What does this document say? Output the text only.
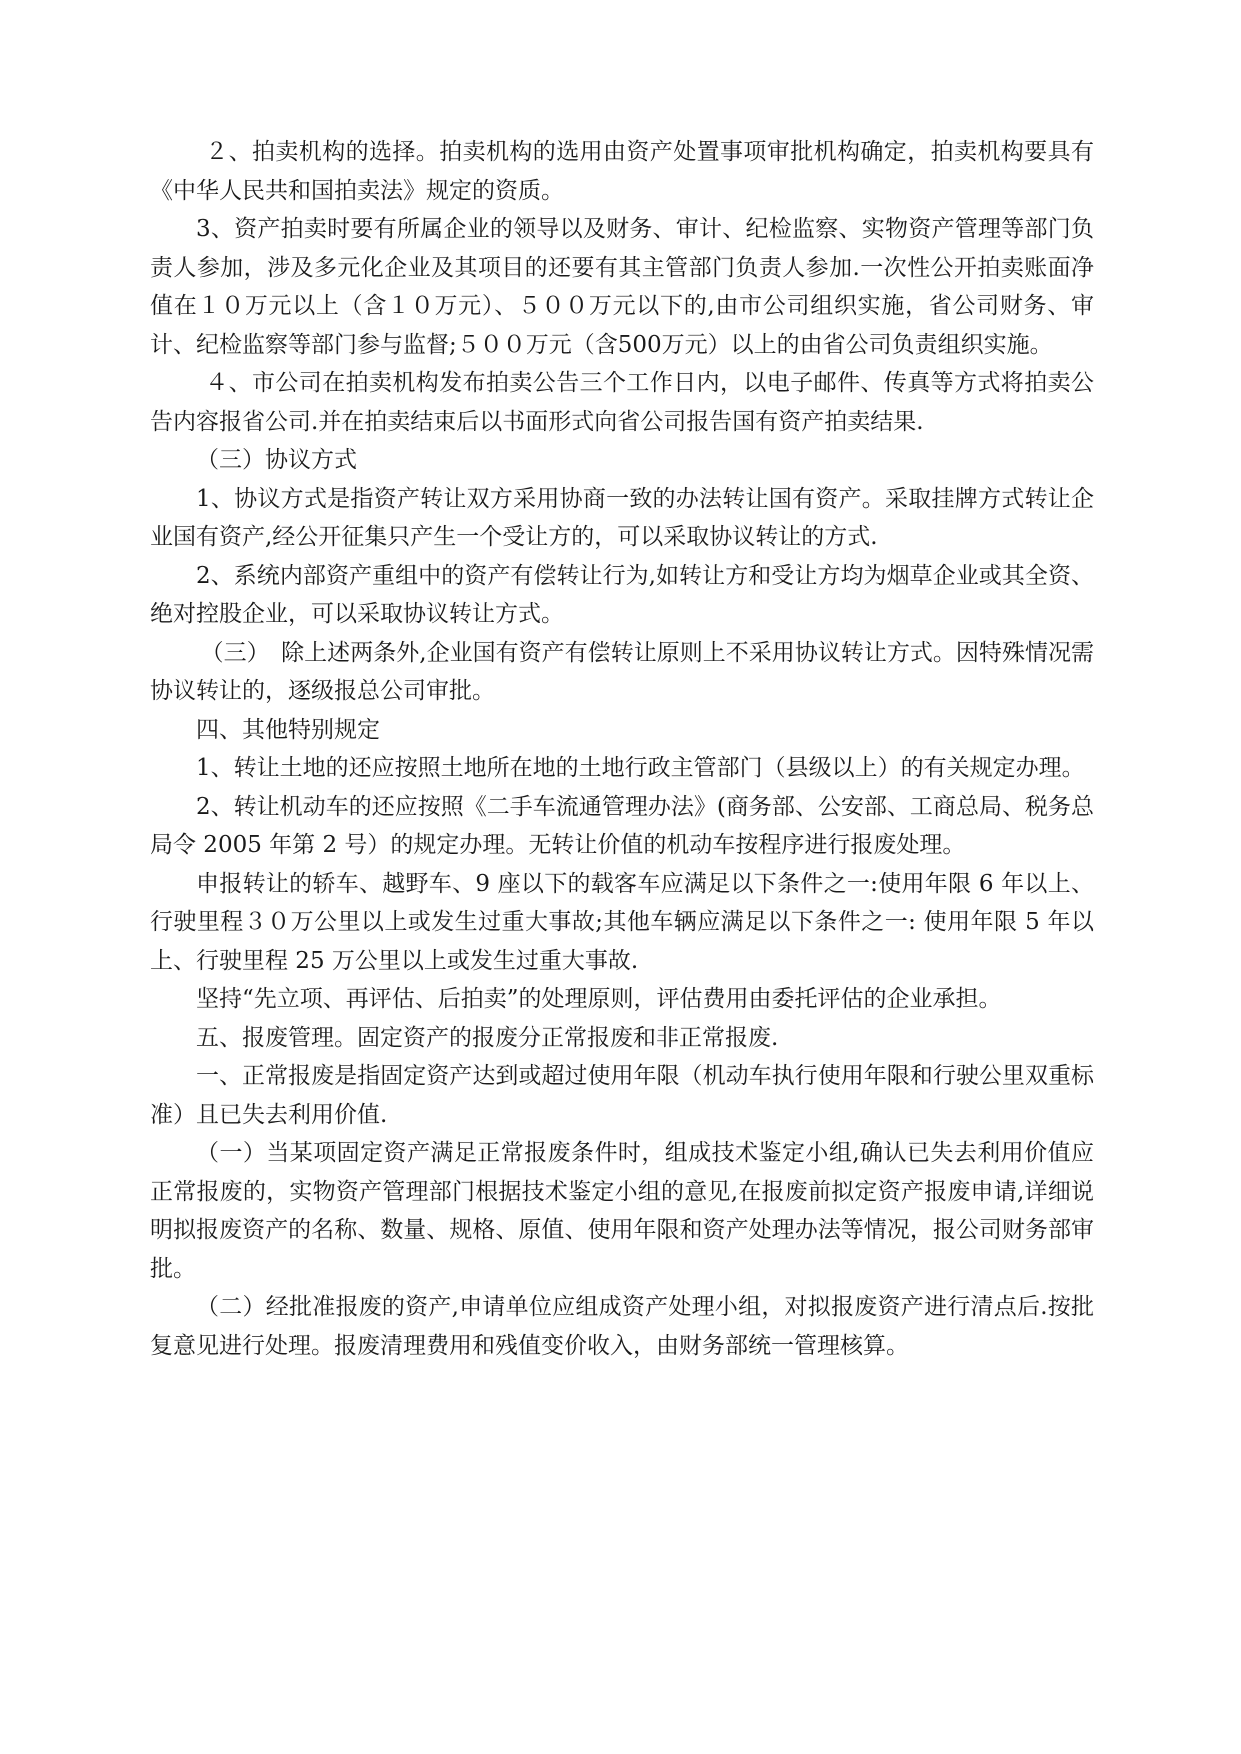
２、拍卖机构的选择。拍卖机构的选用由资产处置事项审批机构确定，拍卖机构要具有《中华人民共和国拍卖法》规定的资质。

3、资产拍卖时要有所属企业的领导以及财务、审计、纪检监察、实物资产管理等部门负责人参加，涉及多元化企业及其项目的还要有其主管部门负责人参加.一次性公开拍卖账面净值在１０万元以上（含１０万元）、５００万元以下的,由市公司组织实施，省公司财务、审计、纪检监察等部门参与监督;５００万元（含500万元）以上的由省公司负责组织实施。

４、市公司在拍卖机构发布拍卖公告三个工作日内，以电子邮件、传真等方式将拍卖公告内容报省公司.并在拍卖结束后以书面形式向省公司报告国有资产拍卖结果.

（三）协议方式

1、协议方式是指资产转让双方采用协商一致的办法转让国有资产。采取挂牌方式转让企业国有资产,经公开征集只产生一个受让方的，可以采取协议转让的方式.

2、系统内部资产重组中的资产有偿转让行为,如转让方和受让方均为烟草企业或其全资、绝对控股企业，可以采取协议转让方式。

（三）　除上述两条外,企业国有资产有偿转让原则上不采用协议转让方式。因特殊情况需协议转让的，逐级报总公司审批。

四、其他特别规定

1、转让土地的还应按照土地所在地的土地行政主管部门（县级以上）的有关规定办理。

2、转让机动车的还应按照《二手车流通管理办法》(商务部、公安部、工商总局、税务总局令 2005 年第 2 号）的规定办理。无转让价值的机动车按程序进行报废处理。

申报转让的轿车、越野车、9 座以下的载客车应满足以下条件之一:使用年限 6 年以上、行驶里程３０万公里以上或发生过重大事故;其他车辆应满足以下条件之一: 使用年限 5 年以上、行驶里程 25 万公里以上或发生过重大事故.

坚持“先立项、再评估、后拍卖”的处理原则，评估费用由委托评估的企业承担。

五、报废管理。固定资产的报废分正常报废和非正常报废.

一、正常报废是指固定资产达到或超过使用年限（机动车执行使用年限和行驶公里双重标准）且已失去利用价值.

（一）当某项固定资产满足正常报废条件时，组成技术鉴定小组,确认已失去利用价值应正常报废的，实物资产管理部门根据技术鉴定小组的意见,在报废前拟定资产报废申请,详细说明拟报废资产的名称、数量、规格、原值、使用年限和资产处理办法等情况，报公司财务部审批。

（二）经批准报废的资产,申请单位应组成资产处理小组，对拟报废资产进行清点后.按批复意见进行处理。报废清理费用和残值变价收入，由财务部统一管理核算。
